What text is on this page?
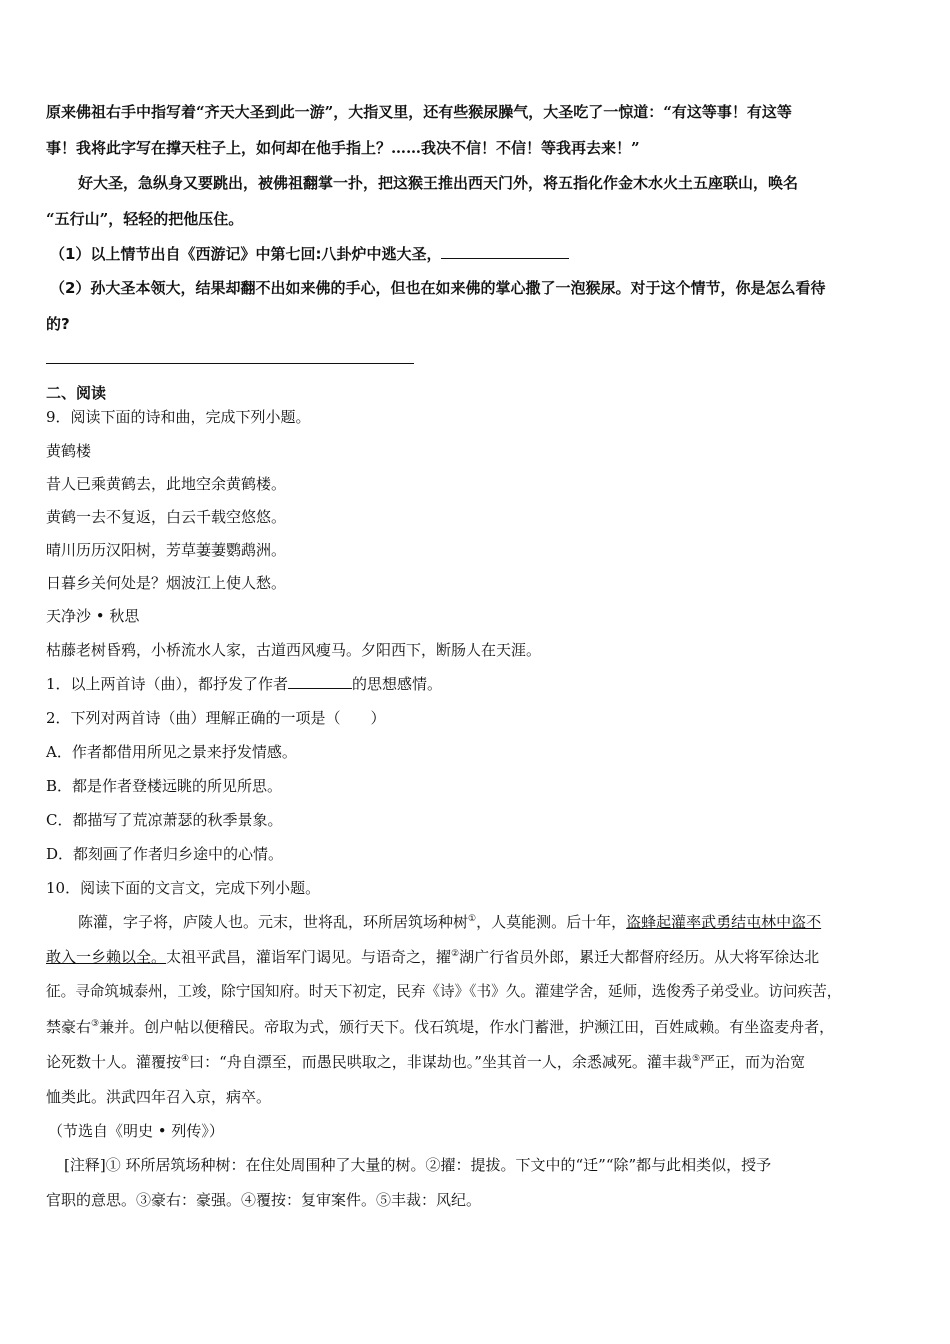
原来佛祖右手中指写着“齐天大圣到此一游”，大指叉里，还有些猴尿臊气，大圣吃了一惊道：“有这等事！有这等
事！我将此字写在撑天柱子上，如何却在他手指上？……我决不信！不信！等我再去来！”
好大圣，急纵身又要跳出，被佛祖翻掌一扑，把这猴王推出西天门外，将五指化作金木水火土五座联山，唤名
“五行山”，轻轻的把他压住。
（1）以上情节出自《西游记》中第七回:八卦炉中逃大圣，
（2）孙大圣本领大，结果却翻不出如来佛的手心，但也在如来佛的掌心撒了一泡猴尿。对于这个情节，你是怎么看待
的?
二、阅读
9．阅读下面的诗和曲，完成下列小题。
黄鹤楼
昔人已乘黄鹤去，此地空余黄鹤楼。
黄鹤一去不复返，白云千载空悠悠。
晴川历历汉阳树，芳草萋萋鹦鹉洲。
日暮乡关何处是？烟波江上使人愁。
天净沙 • 秋思
枯藤老树昏鸦，小桥流水人家，古道西风瘦马。夕阳西下，断肠人在天涯。
1．以上两首诗（曲），都抒发了作者	的思想感情。
2．下列对两首诗（曲）理解正确的一项是（　　）
A．作者都借用所见之景来抒发情感。
B．都是作者登楼远眺的所见所思。
C．都描写了荒凉萧瑟的秋季景象。
D．都刻画了作者归乡途中的心情。
10．阅读下面的文言文，完成下列小题。
陈灌，字子将，庐陵人也。元末，世将乱，环所居筑场种树①，人莫能测。后十年，盗蜂起灌率武勇结屯林中盗不
敢入一乡赖以全。太祖平武昌，灌诣军门谒见。与语奇之，擢②湖广行省员外郎，累迁大都督府经历。从大将军徐达北
征。寻命筑城泰州，工竣，除宁国知府。时天下初定，民弃《诗》《书》久。灌建学舍，延师，选俊秀子弟受业。访问疾苦，
禁豪右③兼并。创户帖以便稽民。帝取为式，颁行天下。伐石筑堤，作水门蓄泄，护濒江田，百姓咸赖。有坐盗麦舟者，
论死数十人。灌覆按④曰：“舟自漂至，而愚民哄取之，非谋劫也。”坐其首一人，余悉减死。灌丰裁⑤严正，而为治宽
恤类此。洪武四年召入京，病卒。
（节选自《明史 • 列传》）
[注释]① 环所居筑场种树：在住处周围种了大量的树。②擢：提拔。下文中的“迁”“除”都与此相类似，授予
官职的意思。③豪右：豪强。④覆按：复审案件。⑤丰裁：风纪。
